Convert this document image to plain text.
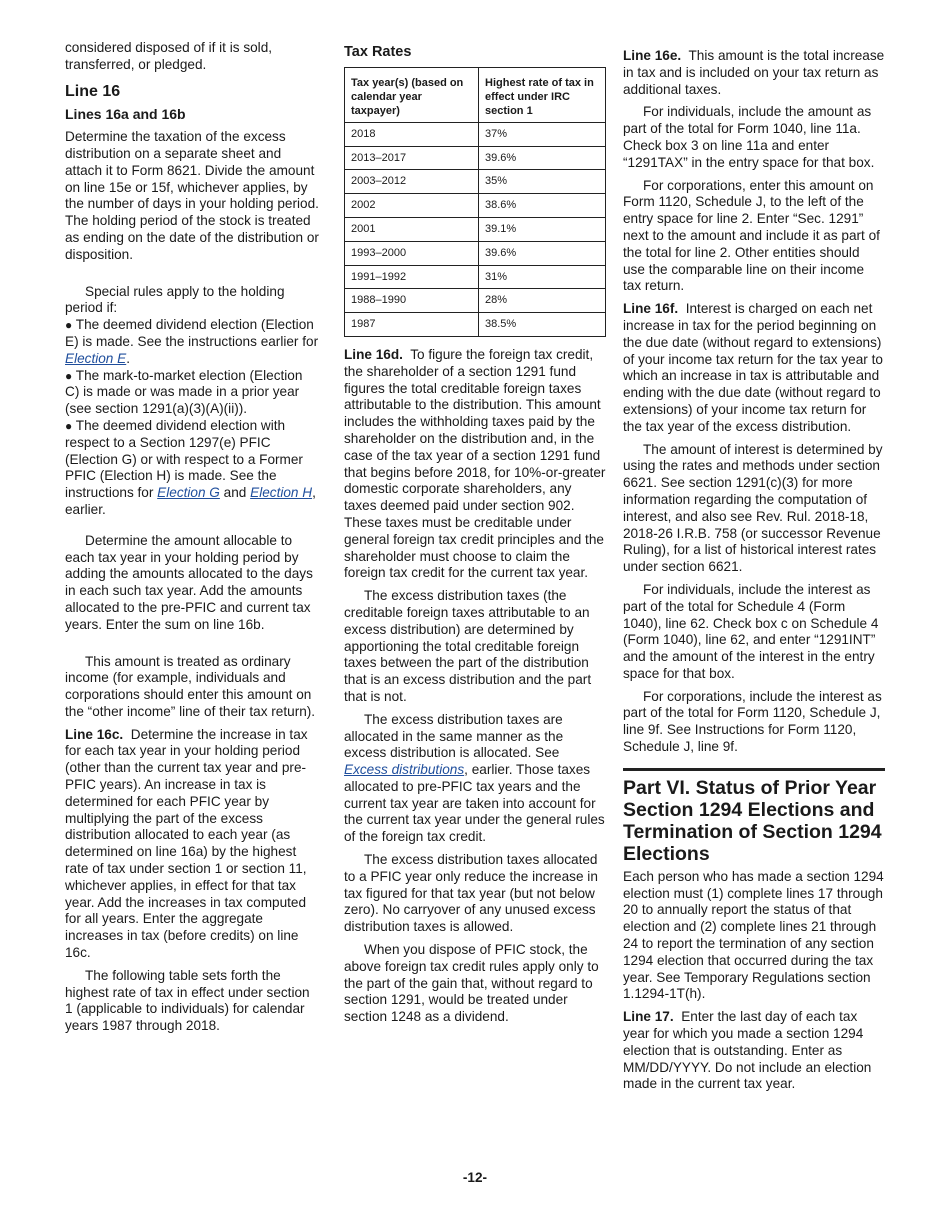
considered disposed of if it is sold, transferred, or pledged.

Line 16
Lines 16a and 16b

Determine the taxation of the excess distribution on a separate sheet and attach it to Form 8621. Divide the amount on line 15e or 15f, whichever applies, by the number of days in your holding period. The holding period of the stock is treated as ending on the date of the distribution or disposition.

Special rules apply to the holding period if:

● The deemed dividend election (Election E) is made. See the instructions earlier for Election E.

● The mark-to-market election (Election C) is made or was made in a prior year (see section 1291(a)(3)(A)(ii)).

● The deemed dividend election with respect to a Section 1297(e) PFIC (Election G) or with respect to a Former PFIC (Election H) is made. See the instructions for Election G and Election H, earlier.

Determine the amount allocable to each tax year in your holding period by adding the amounts allocated to the days in each such tax year. Add the amounts allocated to the pre-PFIC and current tax years. Enter the sum on line 16b.

This amount is treated as ordinary income (for example, individuals and corporations should enter this amount on the “other income” line of their tax return).

Line 16c. Determine the increase in tax for each tax year in your holding period (other than the current tax year and pre-PFIC years). An increase in tax is determined for each PFIC year by multiplying the part of the excess distribution allocated to each year (as determined on line 16a) by the highest rate of tax under section 1 or section 11, whichever applies, in effect for that tax year. Add the increases in tax computed for all years. Enter the aggregate increases in tax (before credits) on line 16c.

The following table sets forth the highest rate of tax in effect under section 1 (applicable to individuals) for calendar years 1987 through 2018.

Tax Rates
Tax year(s) (based on calendar year taxpayer)	Highest rate of tax in effect under IRC section 1
2018	37%
2013–2017	39.6%
2003–2012	35%
2002	38.6%
2001	39.1%
1993–2000	39.6%
1991–1992	31%
1988–1990	28%
1987	38.5%

Line 16d. To figure the foreign tax credit, the shareholder of a section 1291 fund figures the total creditable foreign taxes attributable to the distribution. This amount includes the withholding taxes paid by the shareholder on the distribution and, in the case of the tax year of a section 1291 fund that begins before 2018, for 10%-or-greater domestic corporate shareholders, any taxes deemed paid under section 902. These taxes must be creditable under general foreign tax credit principles and the shareholder must choose to claim the foreign tax credit for the current tax year.

The excess distribution taxes (the creditable foreign taxes attributable to an excess distribution) are determined by apportioning the total creditable foreign taxes between the part of the distribution that is an excess distribution and the part that is not.

The excess distribution taxes are allocated in the same manner as the excess distribution is allocated. See Excess distributions, earlier. Those taxes allocated to pre-PFIC tax years and the current tax year are taken into account for the current tax year under the general rules of the foreign tax credit.

The excess distribution taxes allocated to a PFIC year only reduce the increase in tax figured for that tax year (but not below zero). No carryover of any unused excess distribution taxes is allowed.

When you dispose of PFIC stock, the above foreign tax credit rules apply only to the part of the gain that, without regard to section 1291, would be treated under section 1248 as a dividend.

Line 16e. This amount is the total increase in tax and is included on your tax return as additional taxes.

For individuals, include the amount as part of the total for Form 1040, line 11a. Check box 3 on line 11a and enter “1291TAX” in the entry space for that box.

For corporations, enter this amount on Form 1120, Schedule J, to the left of the entry space for line 2. Enter “Sec. 1291” next to the amount and include it as part of the total for line 2. Other entities should use the comparable line on their income tax return.

Line 16f. Interest is charged on each net increase in tax for the period beginning on the due date (without regard to extensions) of your income tax return for the tax year to which an increase in tax is attributable and ending with the due date (without regard to extensions) of your income tax return for the tax year of the excess distribution.

The amount of interest is determined by using the rates and methods under section 6621. See section 1291(c)(3) for more information regarding the computation of interest, and also see Rev. Rul. 2018-18, 2018-26 I.R.B. 758 (or successor Revenue Ruling), for a list of historical interest rates under section 6621.

For individuals, include the interest as part of the total for Schedule 4 (Form 1040), line 62. Check box c on Schedule 4 (Form 1040), line 62, and enter “1291INT” and the amount of the interest in the entry space for that box.

For corporations, include the interest as part of the total for Form 1120, Schedule J, line 9f. See Instructions for Form 1120, Schedule J, line 9f.

Part VI. Status of Prior Year Section 1294 Elections and Termination of Section 1294 Elections

Each person who has made a section 1294 election must (1) complete lines 17 through 20 to annually report the status of that election and (2) complete lines 21 through 24 to report the termination of any section 1294 election that occurred during the tax year. See Temporary Regulations section 1.1294-1T(h).

Line 17. Enter the last day of each tax year for which you made a section 1294 election that is outstanding. Enter as MM/DD/YYYY. Do not include an election made in the current tax year.

-12-
